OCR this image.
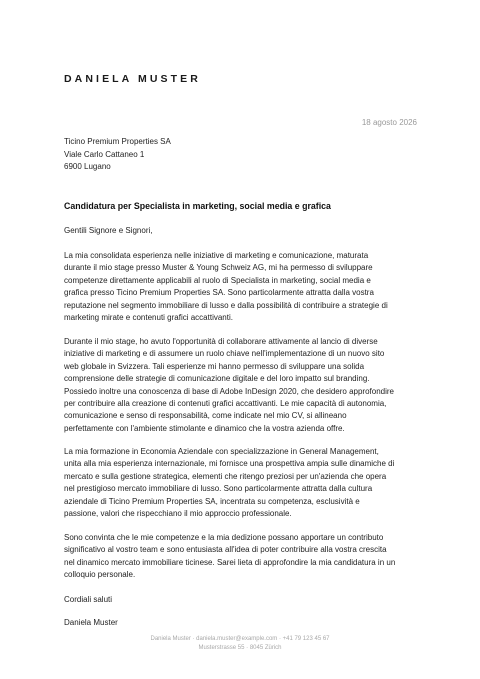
DANIELA MUSTER
18 agosto 2026
Ticino Premium Properties SA
Viale Carlo Cattaneo 1
6900 Lugano
Candidatura per Specialista in marketing, social media e grafica
Gentili Signore e Signori,
La mia consolidata esperienza nelle iniziative di marketing e comunicazione, maturata
durante il mio stage presso Muster & Young Schweiz AG, mi ha permesso di sviluppare
competenze direttamente applicabili al ruolo di Specialista in marketing, social media e
grafica presso Ticino Premium Properties SA. Sono particolarmente attratta dalla vostra
reputazione nel segmento immobiliare di lusso e dalla possibilità di contribuire a strategie di
marketing mirate e contenuti grafici accattivanti.
Durante il mio stage, ho avuto l'opportunità di collaborare attivamente al lancio di diverse
iniziative di marketing e di assumere un ruolo chiave nell'implementazione di un nuovo sito
web globale in Svizzera. Tali esperienze mi hanno permesso di sviluppare una solida
comprensione delle strategie di comunicazione digitale e del loro impatto sul branding.
Possiedo inoltre una conoscenza di base di Adobe InDesign 2020, che desidero approfondire
per contribuire alla creazione di contenuti grafici accattivanti. Le mie capacità di autonomia,
comunicazione e senso di responsabilità, come indicate nel mio CV, si allineano
perfettamente con l'ambiente stimolante e dinamico che la vostra azienda offre.
La mia formazione in Economia Aziendale con specializzazione in General Management,
unita alla mia esperienza internazionale, mi fornisce una prospettiva ampia sulle dinamiche di
mercato e sulla gestione strategica, elementi che ritengo preziosi per un'azienda che opera
nel prestigioso mercato immobiliare di lusso. Sono particolarmente attratta dalla cultura
aziendale di Ticino Premium Properties SA, incentrata su competenza, esclusività e
passione, valori che rispecchiano il mio approccio professionale.
Sono convinta che le mie competenze e la mia dedizione possano apportare un contributo
significativo al vostro team e sono entusiasta all'idea di poter contribuire alla vostra crescita
nel dinamico mercato immobiliare ticinese. Sarei lieta di approfondire la mia candidatura in un
colloquio personale.
Cordiali saluti
Daniela Muster
Daniela Muster · daniela.muster@example.com · +41 79 123 45 67
Musterstrasse 55 · 8045 Zürich
